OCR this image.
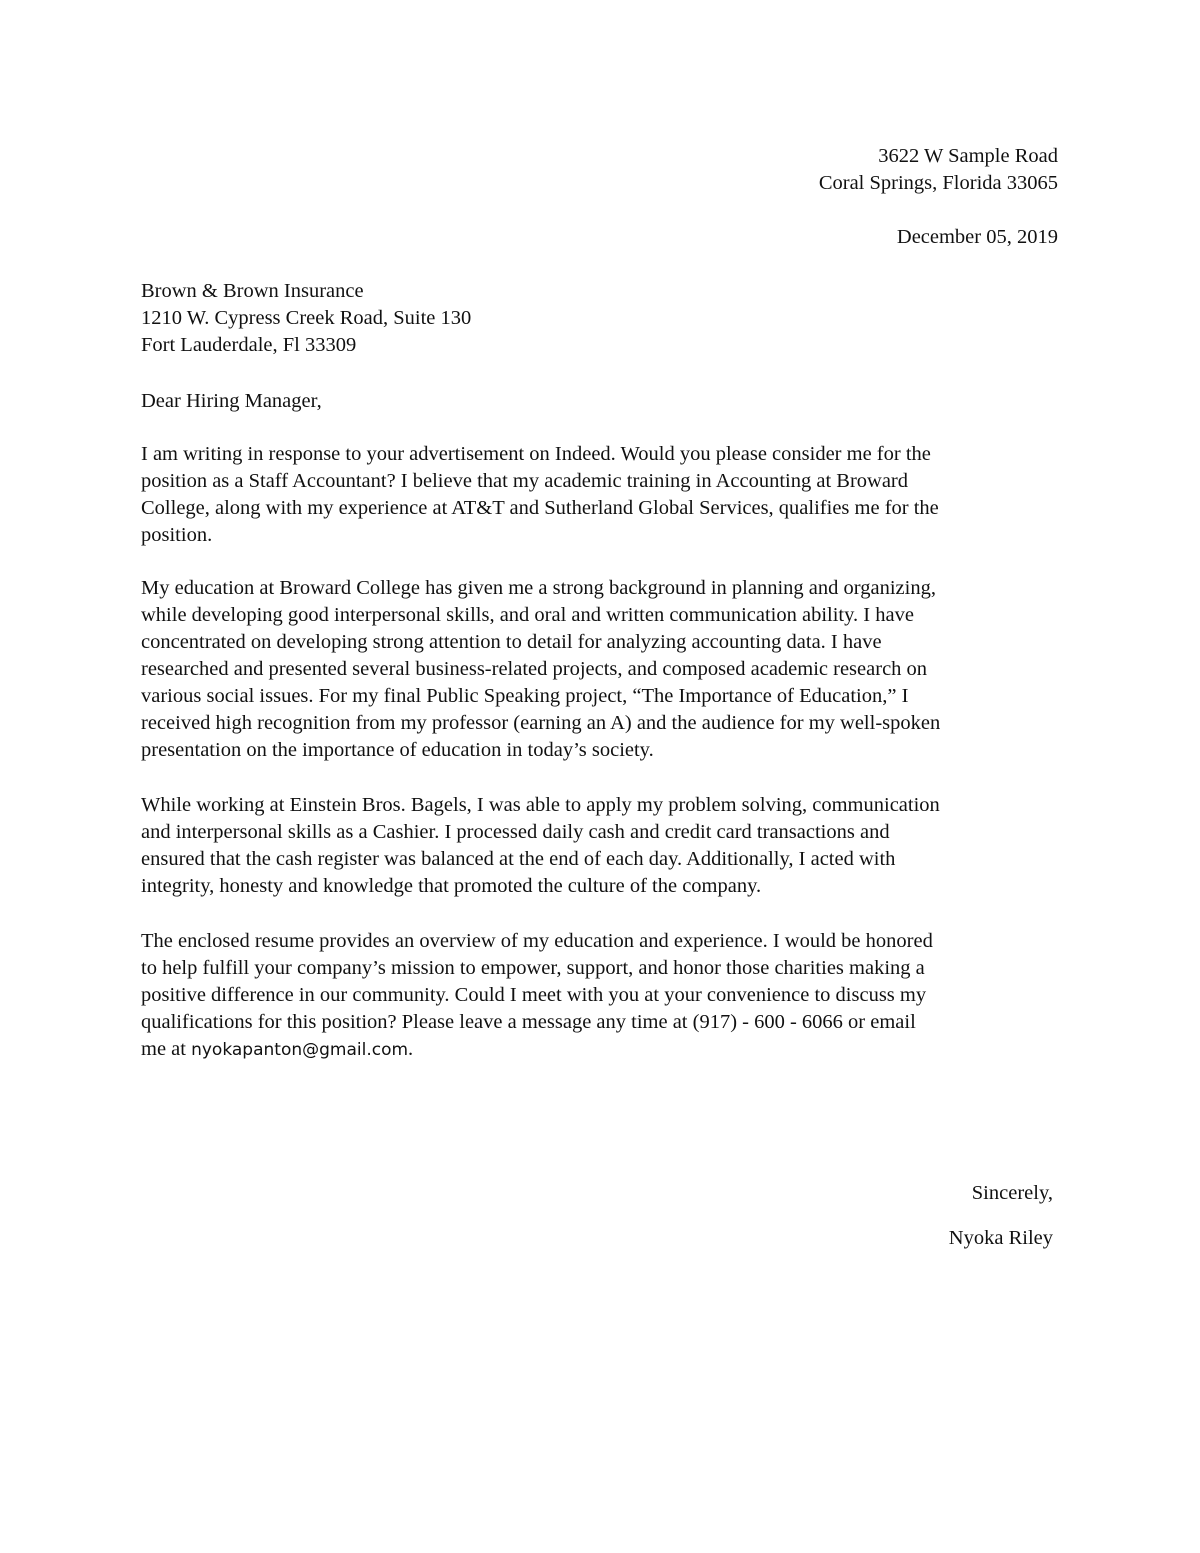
3622 W Sample Road
Coral Springs, Florida 33065
December 05, 2019
Brown & Brown Insurance
1210 W. Cypress Creek Road, Suite 130
Fort Lauderdale, Fl 33309
Dear Hiring Manager,
I am writing in response to your advertisement on Indeed. Would you please consider me for the
position as a Staff Accountant? I believe that my academic training in Accounting at Broward
College, along with my experience at AT&T and Sutherland Global Services, qualifies me for the
position.
My education at Broward College has given me a strong background in planning and organizing,
while developing good interpersonal skills, and oral and written communication ability. I have
concentrated on developing strong attention to detail for analyzing accounting data. I have
researched and presented several business-related projects, and composed academic research on
various social issues. For my final Public Speaking project, “The Importance of Education,” I
received high recognition from my professor (earning an A) and the audience for my well-spoken
presentation on the importance of education in today’s society.
While working at Einstein Bros. Bagels, I was able to apply my problem solving, communication
and interpersonal skills as a Cashier. I processed daily cash and credit card transactions and
ensured that the cash register was balanced at the end of each day. Additionally, I acted with
integrity, honesty and knowledge that promoted the culture of the company.
The enclosed resume provides an overview of my education and experience. I would be honored
to help fulfill your company’s mission to empower, support, and honor those charities making a
positive difference in our community. Could I meet with you at your convenience to discuss my
qualifications for this position? Please leave a message any time at (917) - 600 - 6066 or email
me at nyokapanton@gmail.com.
Sincerely,
Nyoka Riley
